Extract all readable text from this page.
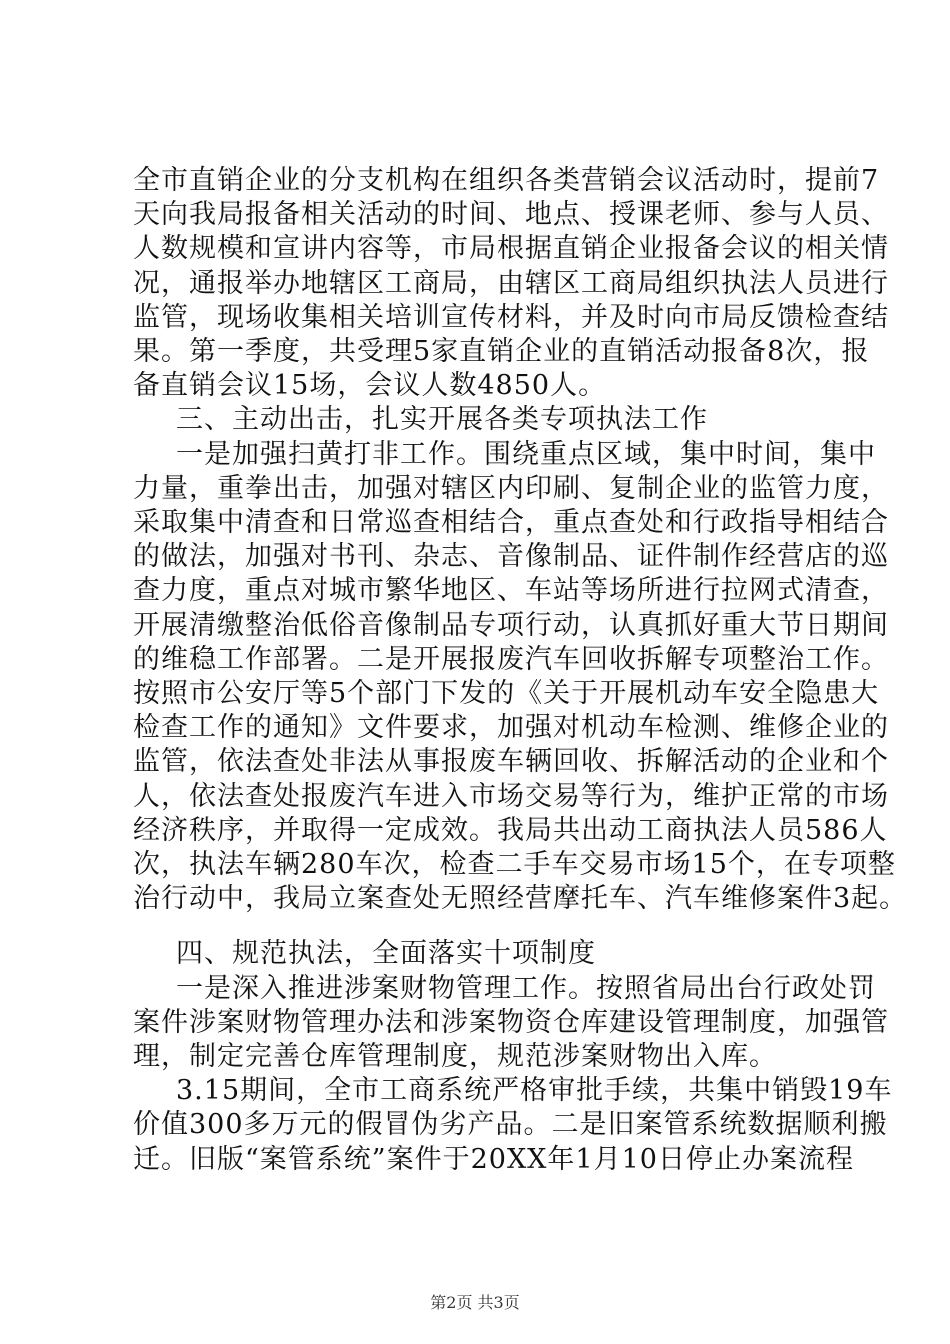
全市直销企业的分支机构在组织各类营销会议活动时，提前7
天向我局报备相关活动的时间、地点、授课老师、参与人员、
人数规模和宣讲内容等，市局根据直销企业报备会议的相关情
况，通报举办地辖区工商局，由辖区工商局组织执法人员进行
监管，现场收集相关培训宣传材料，并及时向市局反馈检查结
果。第一季度，共受理5家直销企业的直销活动报备8次，报
备直销会议15场，会议人数4850人。
三、主动出击，扎实开展各类专项执法工作
一是加强扫黄打非工作。围绕重点区域，集中时间，集中
力量，重拳出击，加强对辖区内印刷、复制企业的监管力度，
采取集中清查和日常巡查相结合，重点查处和行政指导相结合
的做法，加强对书刊、杂志、音像制品、证件制作经营店的巡
查力度，重点对城市繁华地区、车站等场所进行拉网式清查，
开展清缴整治低俗音像制品专项行动，认真抓好重大节日期间
的维稳工作部署。二是开展报废汽车回收拆解专项整治工作。
按照市公安厅等5个部门下发的《关于开展机动车安全隐患大
检查工作的通知》文件要求，加强对机动车检测、维修企业的
监管，依法查处非法从事报废车辆回收、拆解活动的企业和个
人，依法查处报废汽车进入市场交易等行为，维护正常的市场
经济秩序，并取得一定成效。我局共出动工商执法人员586人
次，执法车辆280车次，检查二手车交易市场15个，在专项整
治行动中，我局立案查处无照经营摩托车、汽车维修案件3起。
四、规范执法，全面落实十项制度
一是深入推进涉案财物管理工作。按照省局出台行政处罚
案件涉案财物管理办法和涉案物资仓库建设管理制度，加强管
理，制定完善仓库管理制度，规范涉案财物出入库。
3.15期间，全市工商系统严格审批手续，共集中销毁19车
价值300多万元的假冒伪劣产品。二是旧案管系统数据顺利搬
迁。旧版“案管系统”案件于20XX年1月10日停止办案流程
第2页 共3页
